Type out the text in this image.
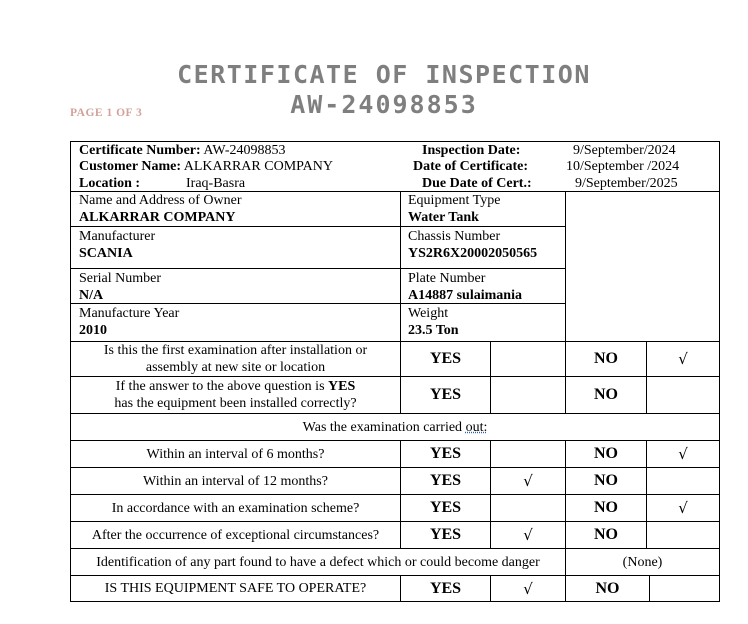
CERTIFICATE OF INSPECTION
AW-24098853
PAGE 1 OF 3
Certificate Number: AW-24098853
Customer Name: ALKARRAR COMPANY
Location :	Iraq-Basra
Inspection Date:	9/September/2024
Date of Certificate:	10/September /2024
Due Date of Cert.:	9/September/2025
Name and Address of Owner
ALKARRAR COMPANY
Equipment Type
Water Tank
Manufacturer
SCANIA
Chassis Number
YS2R6X20002050565
Serial Number
N/A
Plate Number
A14887 sulaimania
Manufacture Year
2010
Weight
23.5 Ton
Is this the first examination after installation or
assembly at new site or location
YES	NO	√
If the answer to the above question is YES
has the equipment been installed correctly?
YES	NO
Was the examination carried out:
Within an interval of 6 months?	YES	NO	√
Within an interval of 12 months?	YES	√	NO
In accordance with an examination scheme?	YES	NO	√
After the occurrence of exceptional circumstances?	YES	√	NO
Identification of any part found to have a defect which or could become danger	(None)
IS THIS EQUIPMENT SAFE TO OPERATE?	YES	√	NO
